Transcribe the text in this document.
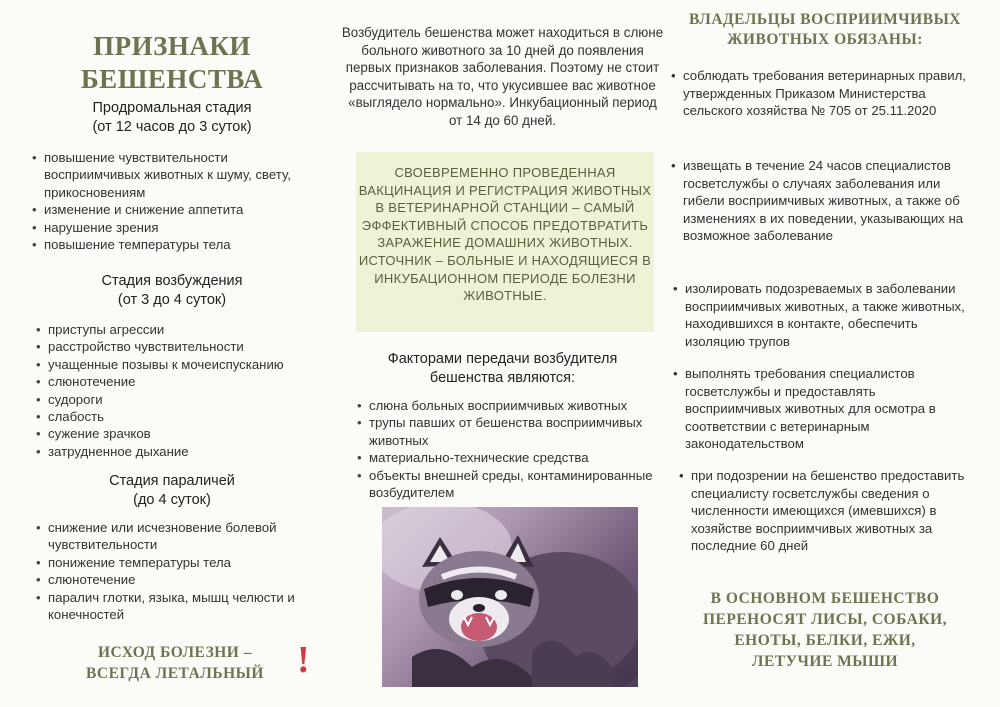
ПРИЗНАКИ
БЕШЕНСТВА
Продромальная стадия
(от 12 часов до 3 суток)
• повышение чувствительности восприимчивых животных к шуму, свету, прикосновениям
• изменение и снижение аппетита
• нарушение зрения
• повышение температуры тела
Стадия возбуждения
(от 3 до 4 суток)
• приступы агрессии
• расстройство чувствительности
• учащенные позывы к мочеиспусканию
• слюнотечение
• судороги
• слабость
• сужение зрачков
• затрудненное дыхание
Стадия параличей
(до 4 суток)
• снижение или исчезновение болевой чувствительности
• понижение температуры тела
• слюнотечение
• паралич глотки, языка, мышц челюсти и конечностей
ИСХОД БОЛЕЗНИ –
ВСЕГДА ЛЕТАЛЬНЫЙ !
Возбудитель бешенства может находиться в слюне больного животного за 10 дней до появления первых признаков заболевания. Поэтому не стоит рассчитывать на то, что укусившее вас животное «выглядело нормально». Инкубационный период от 14 до 60 дней.
СВОЕВРЕМЕННО ПРОВЕДЕННАЯ ВАКЦИНАЦИЯ И РЕГИСТРАЦИЯ ЖИВОТНЫХ В ВЕТЕРИНАРНОЙ СТАНЦИИ – САМЫЙ ЭФФЕКТИВНЫЙ СПОСОБ ПРЕДОТВРАТИТЬ ЗАРАЖЕНИЕ ДОМАШНИХ ЖИВОТНЫХ. ИСТОЧНИК – БОЛЬНЫЕ И НАХОДЯЩИЕСЯ В ИНКУБАЦИОННОМ ПЕРИОДЕ БОЛЕЗНИ ЖИВОТНЫЕ.
Факторами передачи возбудителя
бешенства являются:
• слюна больных восприимчивых животных
• трупы павших от бешенства восприимчивых животных
• материально-технические средства
• объекты внешней среды, контаминированные возбудителем
ВЛАДЕЛЬЦЫ ВОСПРИИМЧИВЫХ
ЖИВОТНЫХ ОБЯЗАНЫ:
• соблюдать требования ветеринарных правил, утвержденных Приказом Министерства сельского хозяйства № 705 от 25.11.2020
• извещать в течение 24 часов специалистов госветслужбы о случаях заболевания или гибели восприимчивых животных, а также об изменениях в их поведении, указывающих на возможное заболевание
• изолировать подозреваемых в заболевании восприимчивых животных, а также животных, находившихся в контакте, обеспечить изоляцию трупов
• выполнять требования специалистов госветслужбы и предоставлять восприимчивых животных для осмотра в соответствии с ветеринарным законодательством
• при подозрении на бешенство предоставить специалисту госветслужбы сведения о численности имеющихся (имевшихся) в хозяйстве восприимчивых животных за последние 60 дней
В ОСНОВНОМ БЕШЕНСТВО
ПЕРЕНОСЯТ ЛИСЫ, СОБАКИ,
ЕНОТЫ, БЕЛКИ, ЕЖИ,
ЛЕТУЧИЕ МЫШИ
